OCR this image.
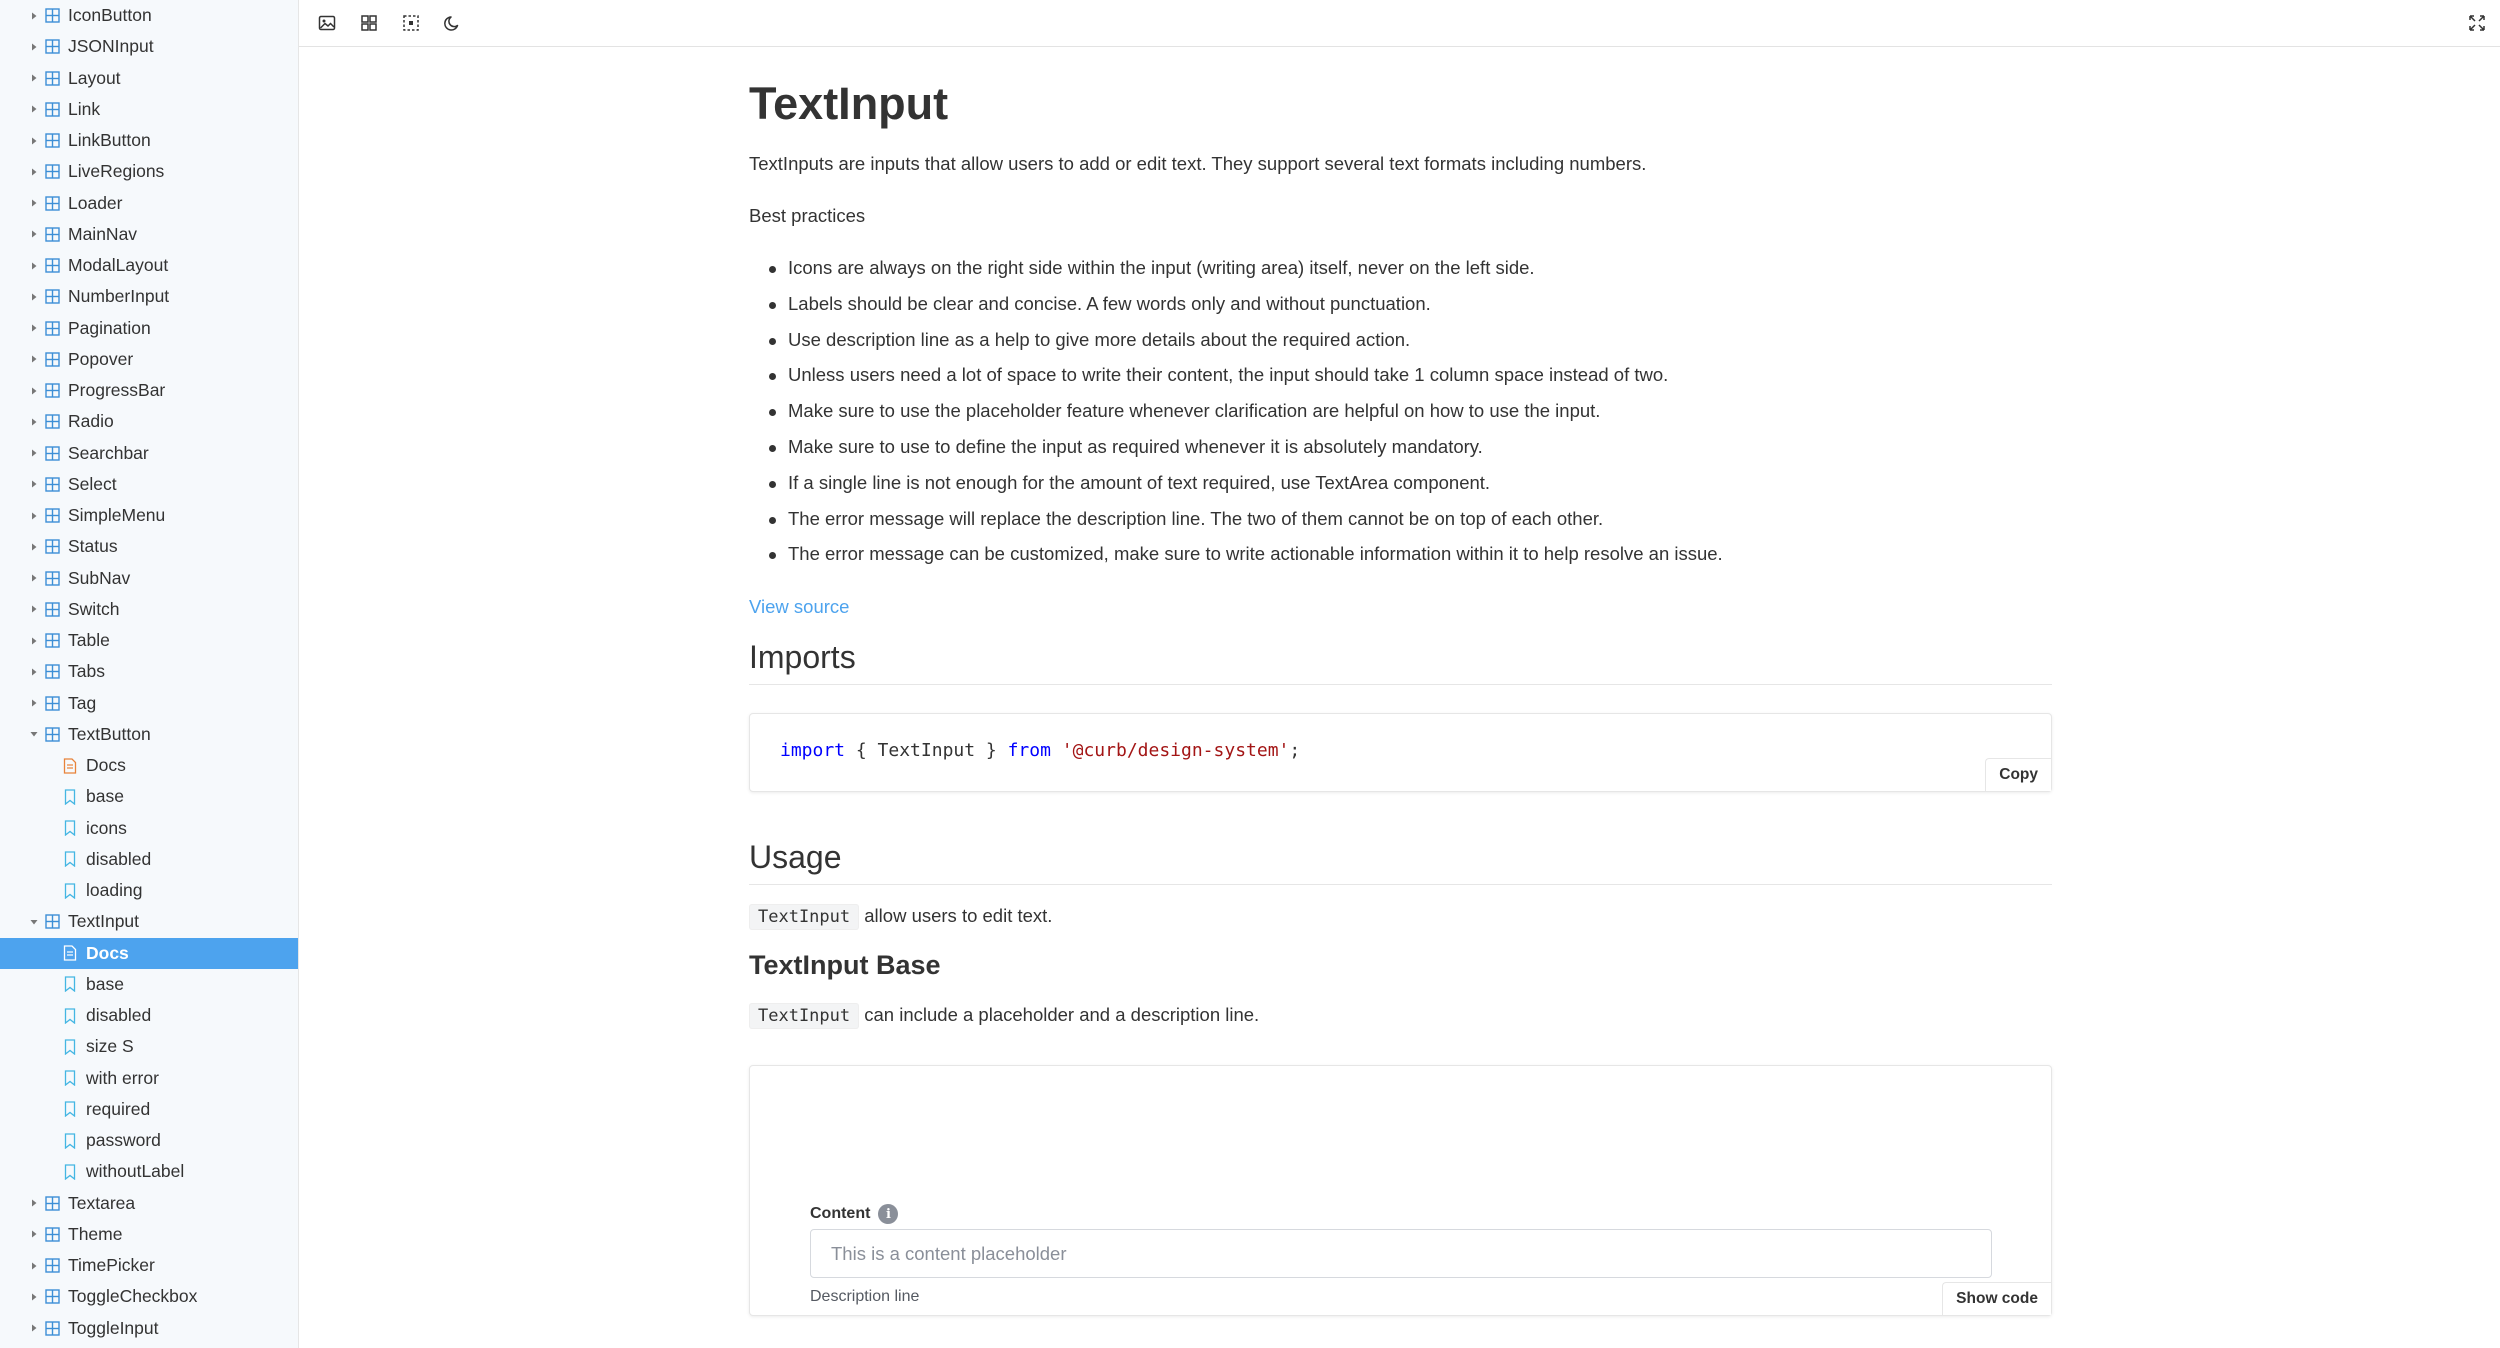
IconButton
JSONInput
Layout
Link
LinkButton
LiveRegions
Loader
MainNav
ModalLayout
NumberInput
Pagination
Popover
ProgressBar
Radio
Searchbar
Select
SimpleMenu
Status
SubNav
Switch
Table
Tabs
Tag
TextButton
Docs
base
icons
disabled
loading
TextInput
Docs
base
disabled
size S
with error
required
password
withoutLabel
Textarea
Theme
TimePicker
ToggleCheckbox
ToggleInput
TextInput

TextInputs are inputs that allow users to add or edit text. They support several text formats including numbers.

Best practices

Icons are always on the right side within the input (writing area) itself, never on the left side.
Labels should be clear and concise. A few words only and without punctuation.
Use description line as a help to give more details about the required action.
Unless users need a lot of space to write their content, the input should take 1 column space instead of two.
Make sure to use the placeholder feature whenever clarification are helpful on how to use the input.
Make sure to use to define the input as required whenever it is absolutely mandatory.
If a single line is not enough for the amount of text required, use TextArea component.
The error message will replace the description line. The two of them cannot be on top of each other.
The error message can be customized, make sure to write actionable information within it to help resolve an issue.
View source
Imports
import { TextInput } from '@curb/design-system';
Copy
Usage

TextInput allow users to edit text.

TextInput Base

TextInput can include a placeholder and a description line.

Content	i
This is a content placeholder
Description line	Show code
